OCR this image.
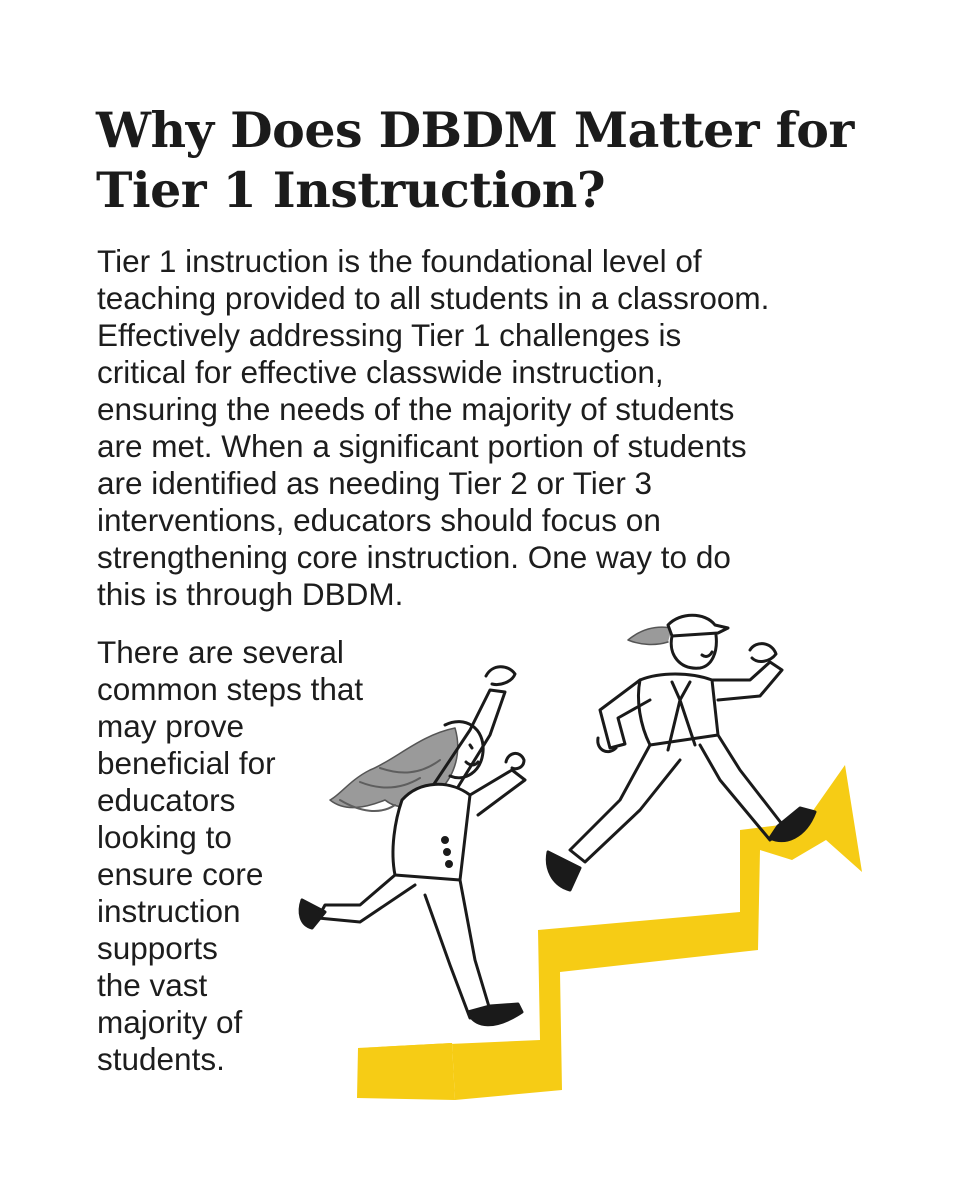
Why Does DBDM Matter for
Tier 1 Instruction?

Tier 1 instruction is the foundational level of
teaching provided to all students in a classroom.
Effectively addressing Tier 1 challenges is
critical for effective classwide instruction,
ensuring the needs of the majority of students
are met. When a significant portion of students
are identified as needing Tier 2 or Tier 3
interventions, educators should focus on
strengthening core instruction. One way to do
this is through DBDM.

There are several
common steps that
may prove
beneficial for
educators
looking to
ensure core
instruction
supports
the vast
majority of
students.
